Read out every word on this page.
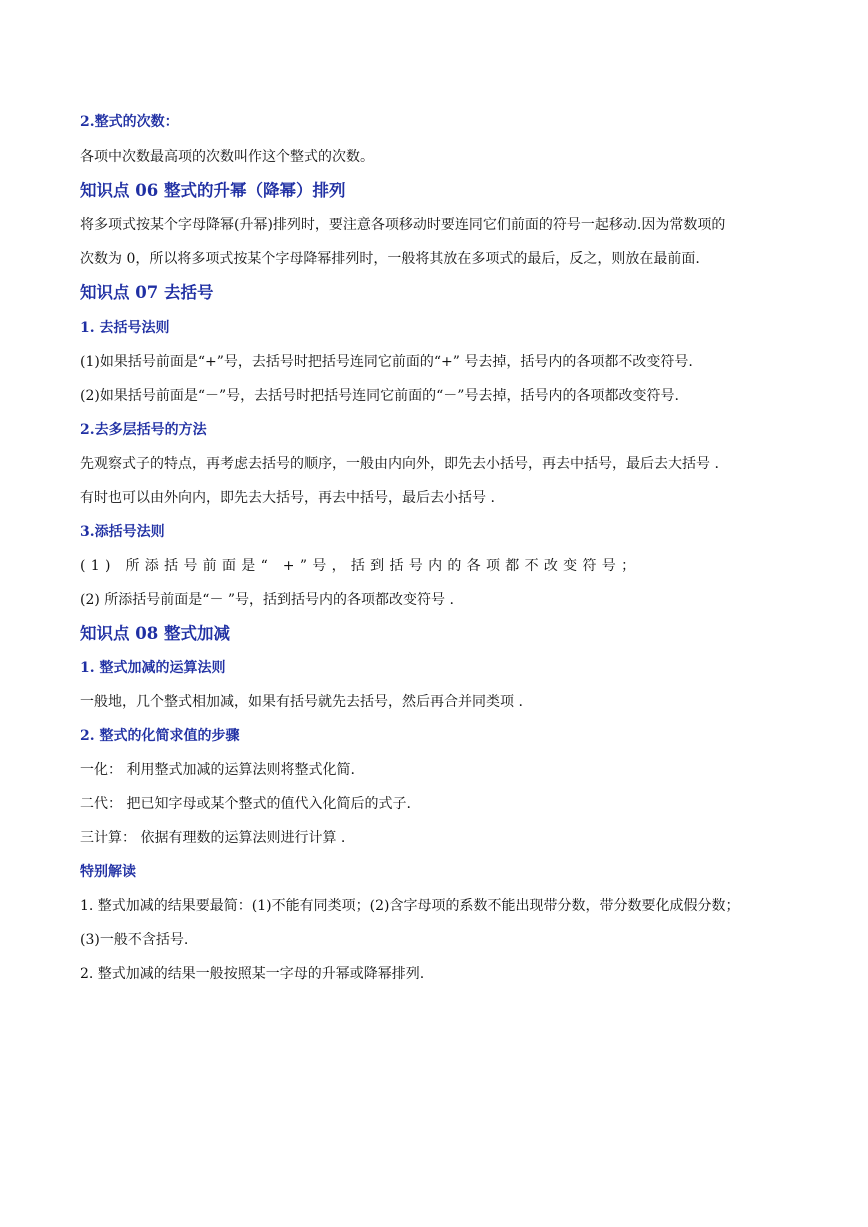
2.整式的次数：
各项中次数最高项的次数叫作这个整式的次数。
知识点 06 整式的升幂（降幂）排列
将多项式按某个字母降幂(升幂)排列时，要注意各项移动时要连同它们前面的符号一起移动.因为常数项的
次数为 0，所以将多项式按某个字母降幂排列时，一般将其放在多项式的最后，反之，则放在最前面.
知识点 07 去括号
1. 去括号法则
(1)如果括号前面是“+”号，去括号时把括号连同它前面的“+” 号去掉，括号内的各项都不改变符号.
(2)如果括号前面是“－”号，去括号时把括号连同它前面的“－”号去掉，括号内的各项都改变符号.
2.去多层括号的方法
先观察式子的特点，再考虑去括号的顺序，一般由内向外，即先去小括号，再去中括号，最后去大括号 .
有时也可以由外向内，即先去大括号，再去中括号，最后去小括号 .
3.添括号法则
(1) 所添括号前面是“ +”号，括到括号内的各项都不改变符号；
(2) 所添括号前面是“－ ”号，括到括号内的各项都改变符号 .
知识点 08 整式加减
1. 整式加减的运算法则
一般地，几个整式相加减，如果有括号就先去括号，然后再合并同类项 .
2. 整式的化简求值的步骤
一化： 利用整式加减的运算法则将整式化简.
二代： 把已知字母或某个整式的值代入化简后的式子.
三计算： 依据有理数的运算法则进行计算 .
特别解读
1. 整式加减的结果要最简：(1)不能有同类项；(2)含字母项的系数不能出现带分数，带分数要化成假分数；
(3)一般不含括号.
2. 整式加减的结果一般按照某一字母的升幂或降幂排列.
